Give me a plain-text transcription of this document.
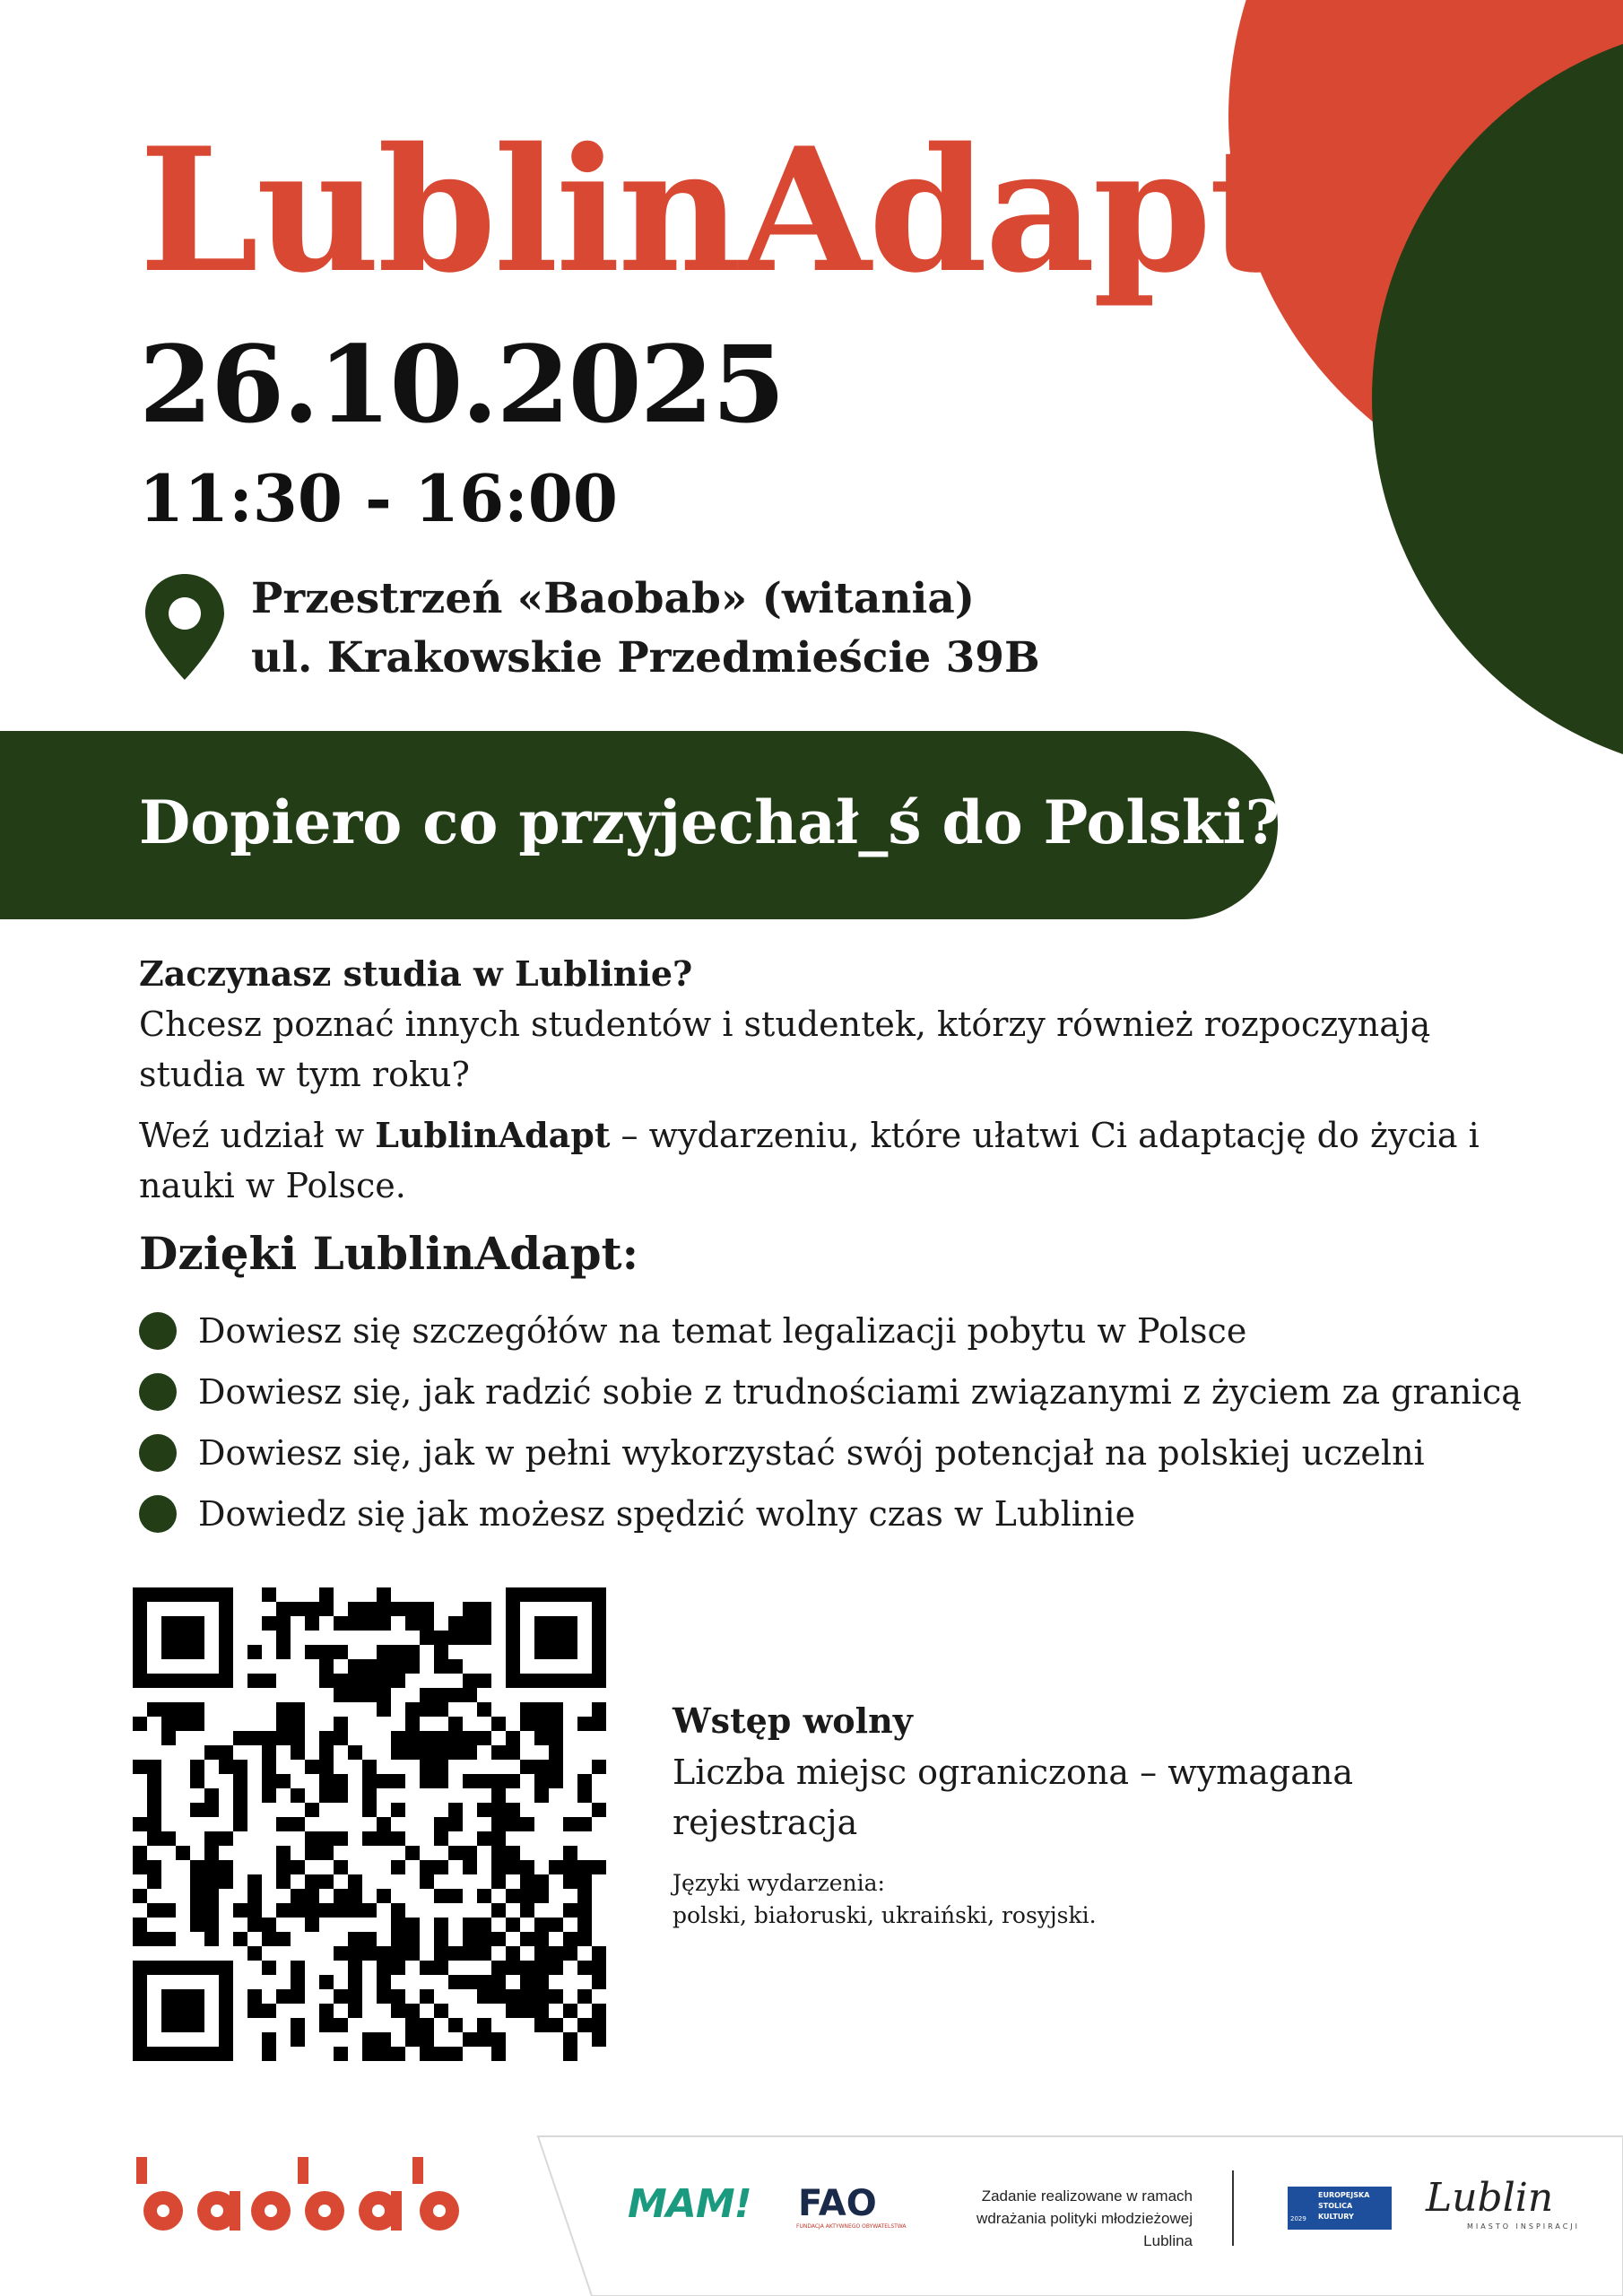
LublinAdapt
26.10.2025
11:30 - 16:00
Przestrzeń «Baobab» (witania)
ul. Krakowskie Przedmieście 39B
Dopiero co przyjechał_ś do Polski?

Zaczynasz studia w Lublinie?

Chcesz poznać innych studentów i studentek, którzy również rozpoczynają studia w tym roku?

Weź udział w LublinAdapt – wydarzeniu, które ułatwi Ci adaptację do życia i nauki w Polsce.

Dzięki LublinAdapt:
Dowiesz się szczegółów na temat legalizacji pobytu w Polsce
Dowiesz się, jak radzić sobie z trudnościami związanymi z życiem za granicą
Dowiesz się, jak w pełni wykorzystać swój potencjał na polskiej uczelni
Dowiedz się jak możesz spędzić wolny czas w Lublinie
Wstęp wolny
Liczba miejsc ograniczona – wymagana rejestracja
Języki wydarzenia:
polski, białoruski, ukraiński, rosyjski.
MAM! FAO
FUNDACJA AKTYWNEGO OBYWATELSTWA
Zadanie realizowane w ramach wdrażania polityki młodzieżowej Lublina
EUROPEJSKA
STOLICA
KULTURY
2029	Lublin
MIASTO INSPIRACJI
